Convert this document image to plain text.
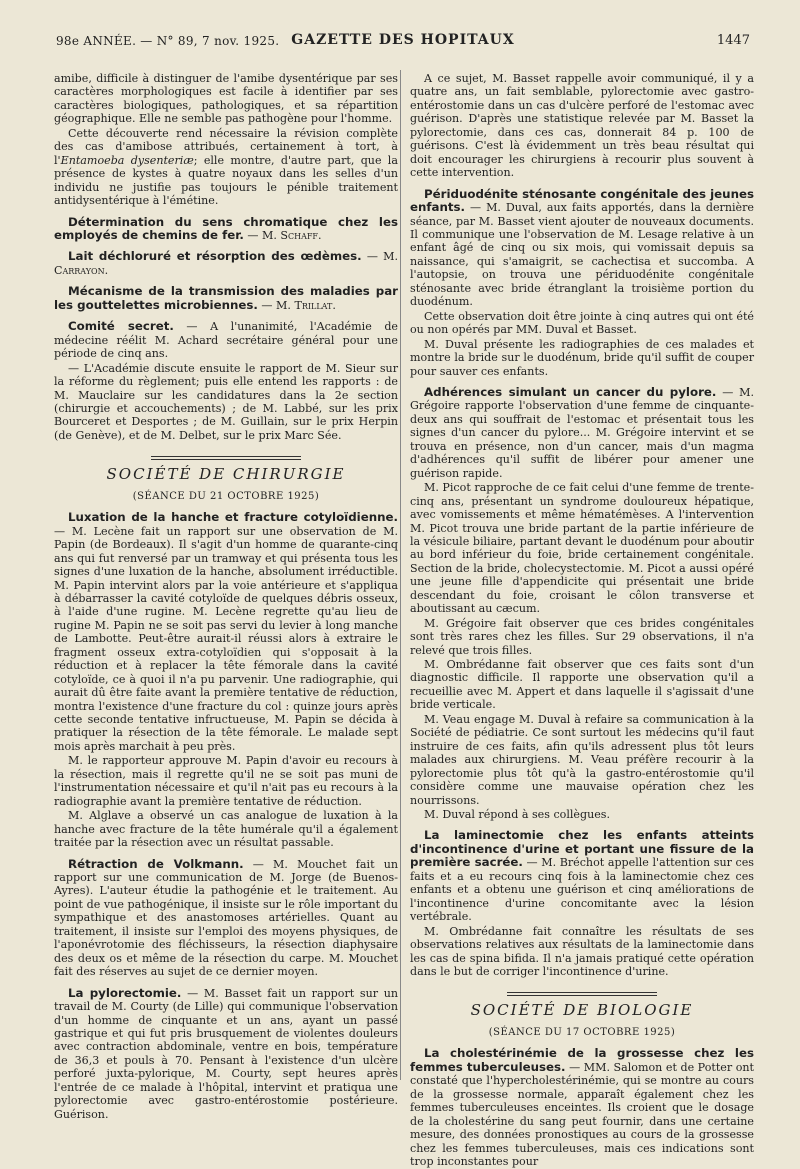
98e ANNÉE. — N° 89, 7 nov. 1925. GAZETTE DES HOPITAUX	1447

amibe, difficile à distinguer de l'amibe dysentérique par ses caractères morphologiques est facile à identifier par ses caractères biologiques, pathologiques, et sa répartition géographique. Elle ne semble pas pathogène pour l'homme.

Cette découverte rend nécessaire la révision complète des cas d'amibose attribués, certainement à tort, à l'Entamoeba dysenteriæ; elle montre, d'autre part, que la présence de kystes à quatre noyaux dans les selles d'un individu ne justifie pas toujours le pénible traitement antidysentérique à l'émétine.

Détermination du sens chromatique chez les employés de chemins de fer. — M. Schaff.

Lait déchloruré et résorption des œdèmes. — M. Carrayon.

Mécanisme de la transmission des maladies par les gouttelettes microbiennes. — M. Trillat.

Comité secret. — A l'unanimité, l'Académie de médecine réélit M. Achard secrétaire général pour une période de cinq ans.

— L'Académie discute ensuite le rapport de M. Sieur sur la réforme du règlement; puis elle entend les rapports : de M. Mauclaire sur les candidatures dans la 2e section (chirurgie et accouchements) ; de M. Labbé, sur les prix Bourceret et Desportes ; de M. Guillain, sur le prix Herpin (de Genève), et de M. Delbet, sur le prix Marc Sée.

SOCIÉTÉ DE CHIRURGIE
(SÉANCE DU 21 OCTOBRE 1925)

Luxation de la hanche et fracture cotyloïdienne. — M. Lecène fait un rapport sur une observation de M. Papin (de Bordeaux). Il s'agit d'un homme de quarante-cinq ans qui fut renversé par un tramway et qui présenta tous les signes d'une luxation de la hanche, absolument irréductible. M. Papin intervint alors par la voie antérieure et s'appliqua à débarrasser la cavité cotyloïde de quelques débris osseux, à l'aide d'une rugine. M. Lecène regrette qu'au lieu de rugine M. Papin ne se soit pas servi du levier à long manche de Lambotte. Peut-être aurait-il réussi alors à extraire le fragment osseux extra-cotyloïdien qui s'opposait à la réduction et à replacer la tête fémorale dans la cavité cotyloïde, ce à quoi il n'a pu parvenir. Une radiographie, qui aurait dû être faite avant la première tentative de réduction, montra l'existence d'une fracture du col : quinze jours après cette seconde tentative infructueuse, M. Papin se décida à pratiquer la résection de la tête fémorale. Le malade sept mois après marchait à peu près.

M. le rapporteur approuve M. Papin d'avoir eu recours à la résection, mais il regrette qu'il ne se soit pas muni de l'instrumentation nécessaire et qu'il n'ait pas eu recours à la radiographie avant la première tentative de réduction.

M. Alglave a observé un cas analogue de luxation à la hanche avec fracture de la tête humérale qu'il a également traitée par la résection avec un résultat passable.

Rétraction de Volkmann. — M. Mouchet fait un rapport sur une communication de M. Jorge (de Buenos-Ayres). L'auteur étudie la pathogénie et le traitement. Au point de vue pathogénique, il insiste sur le rôle important du sympathique et des anastomoses artérielles. Quant au traitement, il insiste sur l'emploi des moyens physiques, de l'aponévrotomie des fléchisseurs, la résection diaphysaire des deux os et même de la résection du carpe. M. Mouchet fait des réserves au sujet de ce dernier moyen.

La pylorectomie. — M. Basset fait un rapport sur un travail de M. Courty (de Lille) qui communique l'observation d'un homme de cinquante et un ans, ayant un passé gastrique et qui fut pris brusquement de violentes douleurs avec contraction abdominale, ventre en bois, température de 36,3 et pouls à 70. Pensant à l'existence d'un ulcère perforé juxta-pylorique, M. Courty, sept heures après l'entrée de ce malade à l'hôpital, intervint et pratiqua une pylorectomie avec gastro-entérostomie postérieure. Guérison.

A ce sujet, M. Basset rappelle avoir communiqué, il y a quatre ans, un fait semblable, pylorectomie avec gastro-entérostomie dans un cas d'ulcère perforé de l'estomac avec guérison. D'après une statistique relevée par M. Basset la pylorectomie, dans ces cas, donnerait 84 p. 100 de guérisons. C'est là évidemment un très beau résultat qui doit encourager les chirurgiens à recourir plus souvent à cette intervention.

Périduodénite sténosante congénitale des jeunes enfants. — M. Duval, aux faits apportés, dans la dernière séance, par M. Basset vient ajouter de nouveaux documents. Il communique une l'observation de M. Lesage relative à un enfant âgé de cinq ou six mois, qui vomissait depuis sa naissance, qui s'amaigrit, se cachectisa et succomba. A l'autopsie, on trouva une périduodénite congénitale sténosante avec bride étranglant la troisième portion du duodénum.

Cette observation doit être jointe à cinq autres qui ont été ou non opérés par MM. Duval et Basset.

M. Duval présente les radiographies de ces malades et montre la bride sur le duodénum, bride qu'il suffit de couper pour sauver ces enfants.

Adhérences simulant un cancer du pylore. — M. Grégoire rapporte l'observation d'une femme de cinquante-deux ans qui souffrait de l'estomac et présentait tous les signes d'un cancer du pylore... M. Grégoire intervint et se trouva en présence, non d'un cancer, mais d'un magma d'adhérences qu'il suffit de libérer pour amener une guérison rapide.

M. Picot rapproche de ce fait celui d'une femme de trente-cinq ans, présentant un syndrome douloureux hépatique, avec vomissements et même hématémèses. A l'intervention M. Picot trouva une bride partant de la partie inférieure de la vésicule biliaire, partant devant le duodénum pour aboutir au bord inférieur du foie, bride certainement congénitale. Section de la bride, cholecystectomie. M. Picot a aussi opéré une jeune fille d'appendicite qui présentait une bride descendant du foie, croisant le côlon transverse et aboutissant au cæcum.

M. Grégoire fait observer que ces brides congénitales sont très rares chez les filles. Sur 29 observations, il n'a relevé que trois filles.

M. Ombrédanne fait observer que ces faits sont d'un diagnostic difficile. Il rapporte une observation qu'il a recueillie avec M. Appert et dans laquelle il s'agissait d'une bride verticale.

M. Veau engage M. Duval à refaire sa communication à la Société de pédiatrie. Ce sont surtout les médecins qu'il faut instruire de ces faits, afin qu'ils adressent plus tôt leurs malades aux chirurgiens. M. Veau préfère recourir à la pylorectomie plus tôt qu'à la gastro-entérostomie qu'il considère comme une mauvaise opération chez les nourrissons.

M. Duval répond à ses collègues.

La laminectomie chez les enfants atteints d'incontinence d'urine et portant une fissure de la première sacrée. — M. Bréchot appelle l'attention sur ces faits et a eu recours cinq fois à la laminectomie chez ces enfants et a obtenu une guérison et cinq améliorations de l'incontinence d'urine concomitante avec la lésion vertébrale.

M. Ombrédanne fait connaître les résultats de ses observations relatives aux résultats de la laminectomie dans les cas de spina bifida. Il n'a jamais pratiqué cette opération dans le but de corriger l'incontinence d'urine.

SOCIÉTÉ DE BIOLOGIE
(SÉANCE DU 17 OCTOBRE 1925)

La cholestérinémie de la grossesse chez les femmes tuberculeuses. — MM. Salomon et de Potter ont constaté que l'hypercholestérinémie, qui se montre au cours de la grossesse normale, apparaît également chez les femmes tuberculeuses enceintes. Ils croient que le dosage de la cholestérine du sang peut fournir, dans une certaine mesure, des données pronostiques au cours de la grossesse chez les femmes tuberculeuses, mais ces indications sont trop inconstantes pour
